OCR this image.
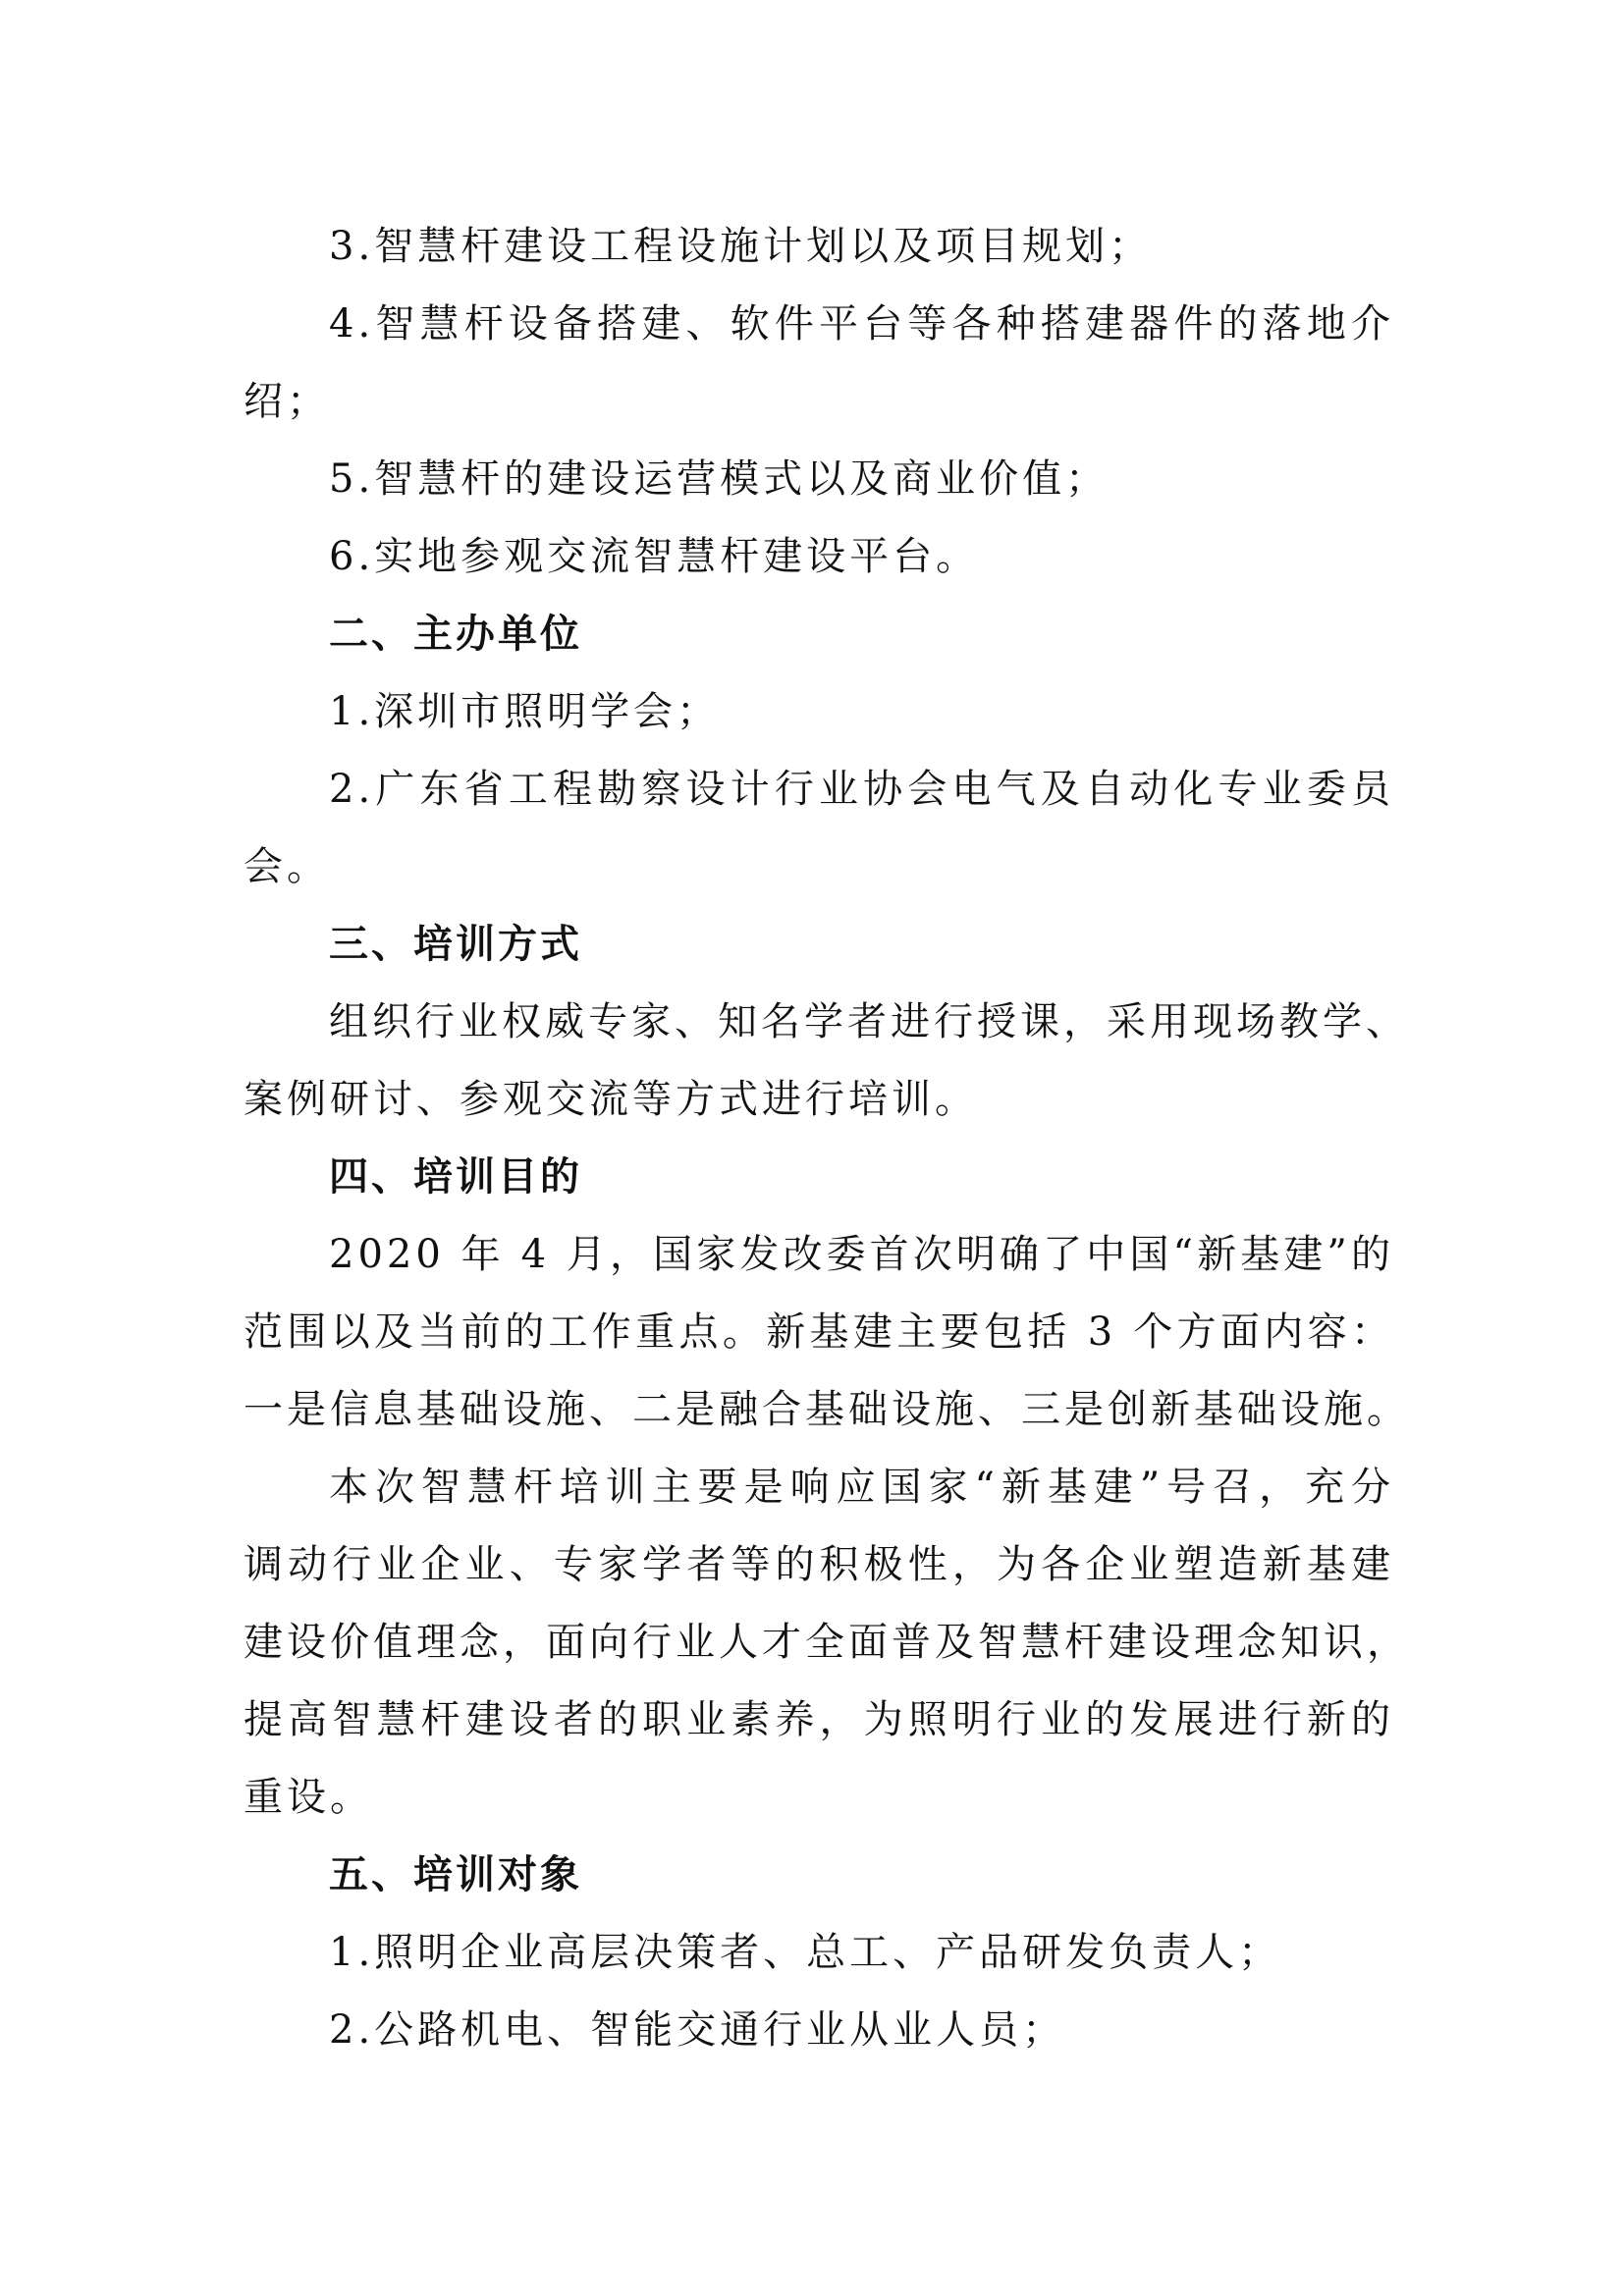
3.智慧杆建设工程设施计划以及项目规划；
4.智慧杆设备搭建、软件平台等各种搭建器件的落地介
绍；
5.智慧杆的建设运营模式以及商业价值；
6.实地参观交流智慧杆建设平台。
二、主办单位
1.深圳市照明学会；
2.广东省工程勘察设计行业协会电气及自动化专业委员
会。
三、培训方式
组织行业权威专家、知名学者进行授课，采用现场教学、
案例研讨、参观交流等方式进行培训。
四、培训目的
2020 年 4 月，国家发改委首次明确了中国“新基建”的
范围以及当前的工作重点。新基建主要包括 3 个方面内容：
一是信息基础设施、二是融合基础设施、三是创新基础设施。
本次智慧杆培训主要是响应国家“新基建”号召，充分
调动行业企业、专家学者等的积极性，为各企业塑造新基建
建设价值理念，面向行业人才全面普及智慧杆建设理念知识，
提高智慧杆建设者的职业素养，为照明行业的发展进行新的
重设。
五、培训对象
1.照明企业高层决策者、总工、产品研发负责人；
2.公路机电、智能交通行业从业人员；
